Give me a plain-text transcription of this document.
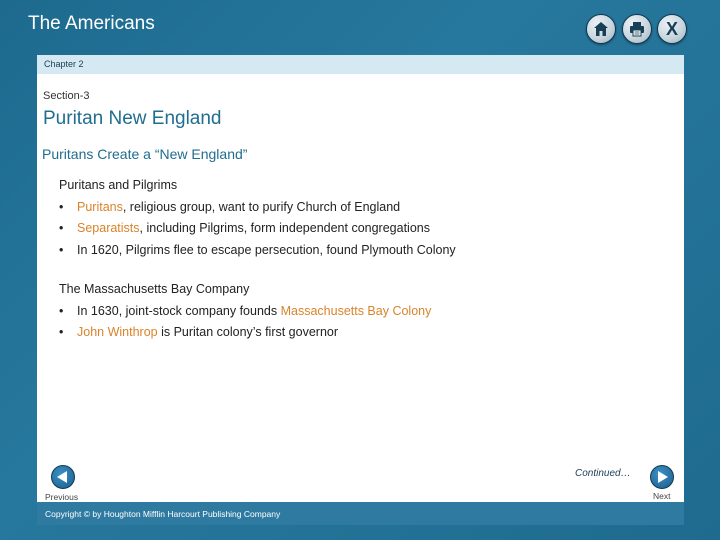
The Americans	X
Chapter 2
Section-3
Puritan New England
Puritans Create a “New England”
Puritans and Pilgrims
• Puritans, religious group, want to purify Church of England
• Separatists, including Pilgrims, form independent congregations
• In 1620, Pilgrims flee to escape persecution, found Plymouth Colony
The Massachusetts Bay Company
• In 1630, joint-stock company founds Massachusetts Bay Colony
• John Winthrop is Puritan colony’s first governor
Continued…
Previous	Next
Copyright © by Houghton Mifflin Harcourt Publishing Company
